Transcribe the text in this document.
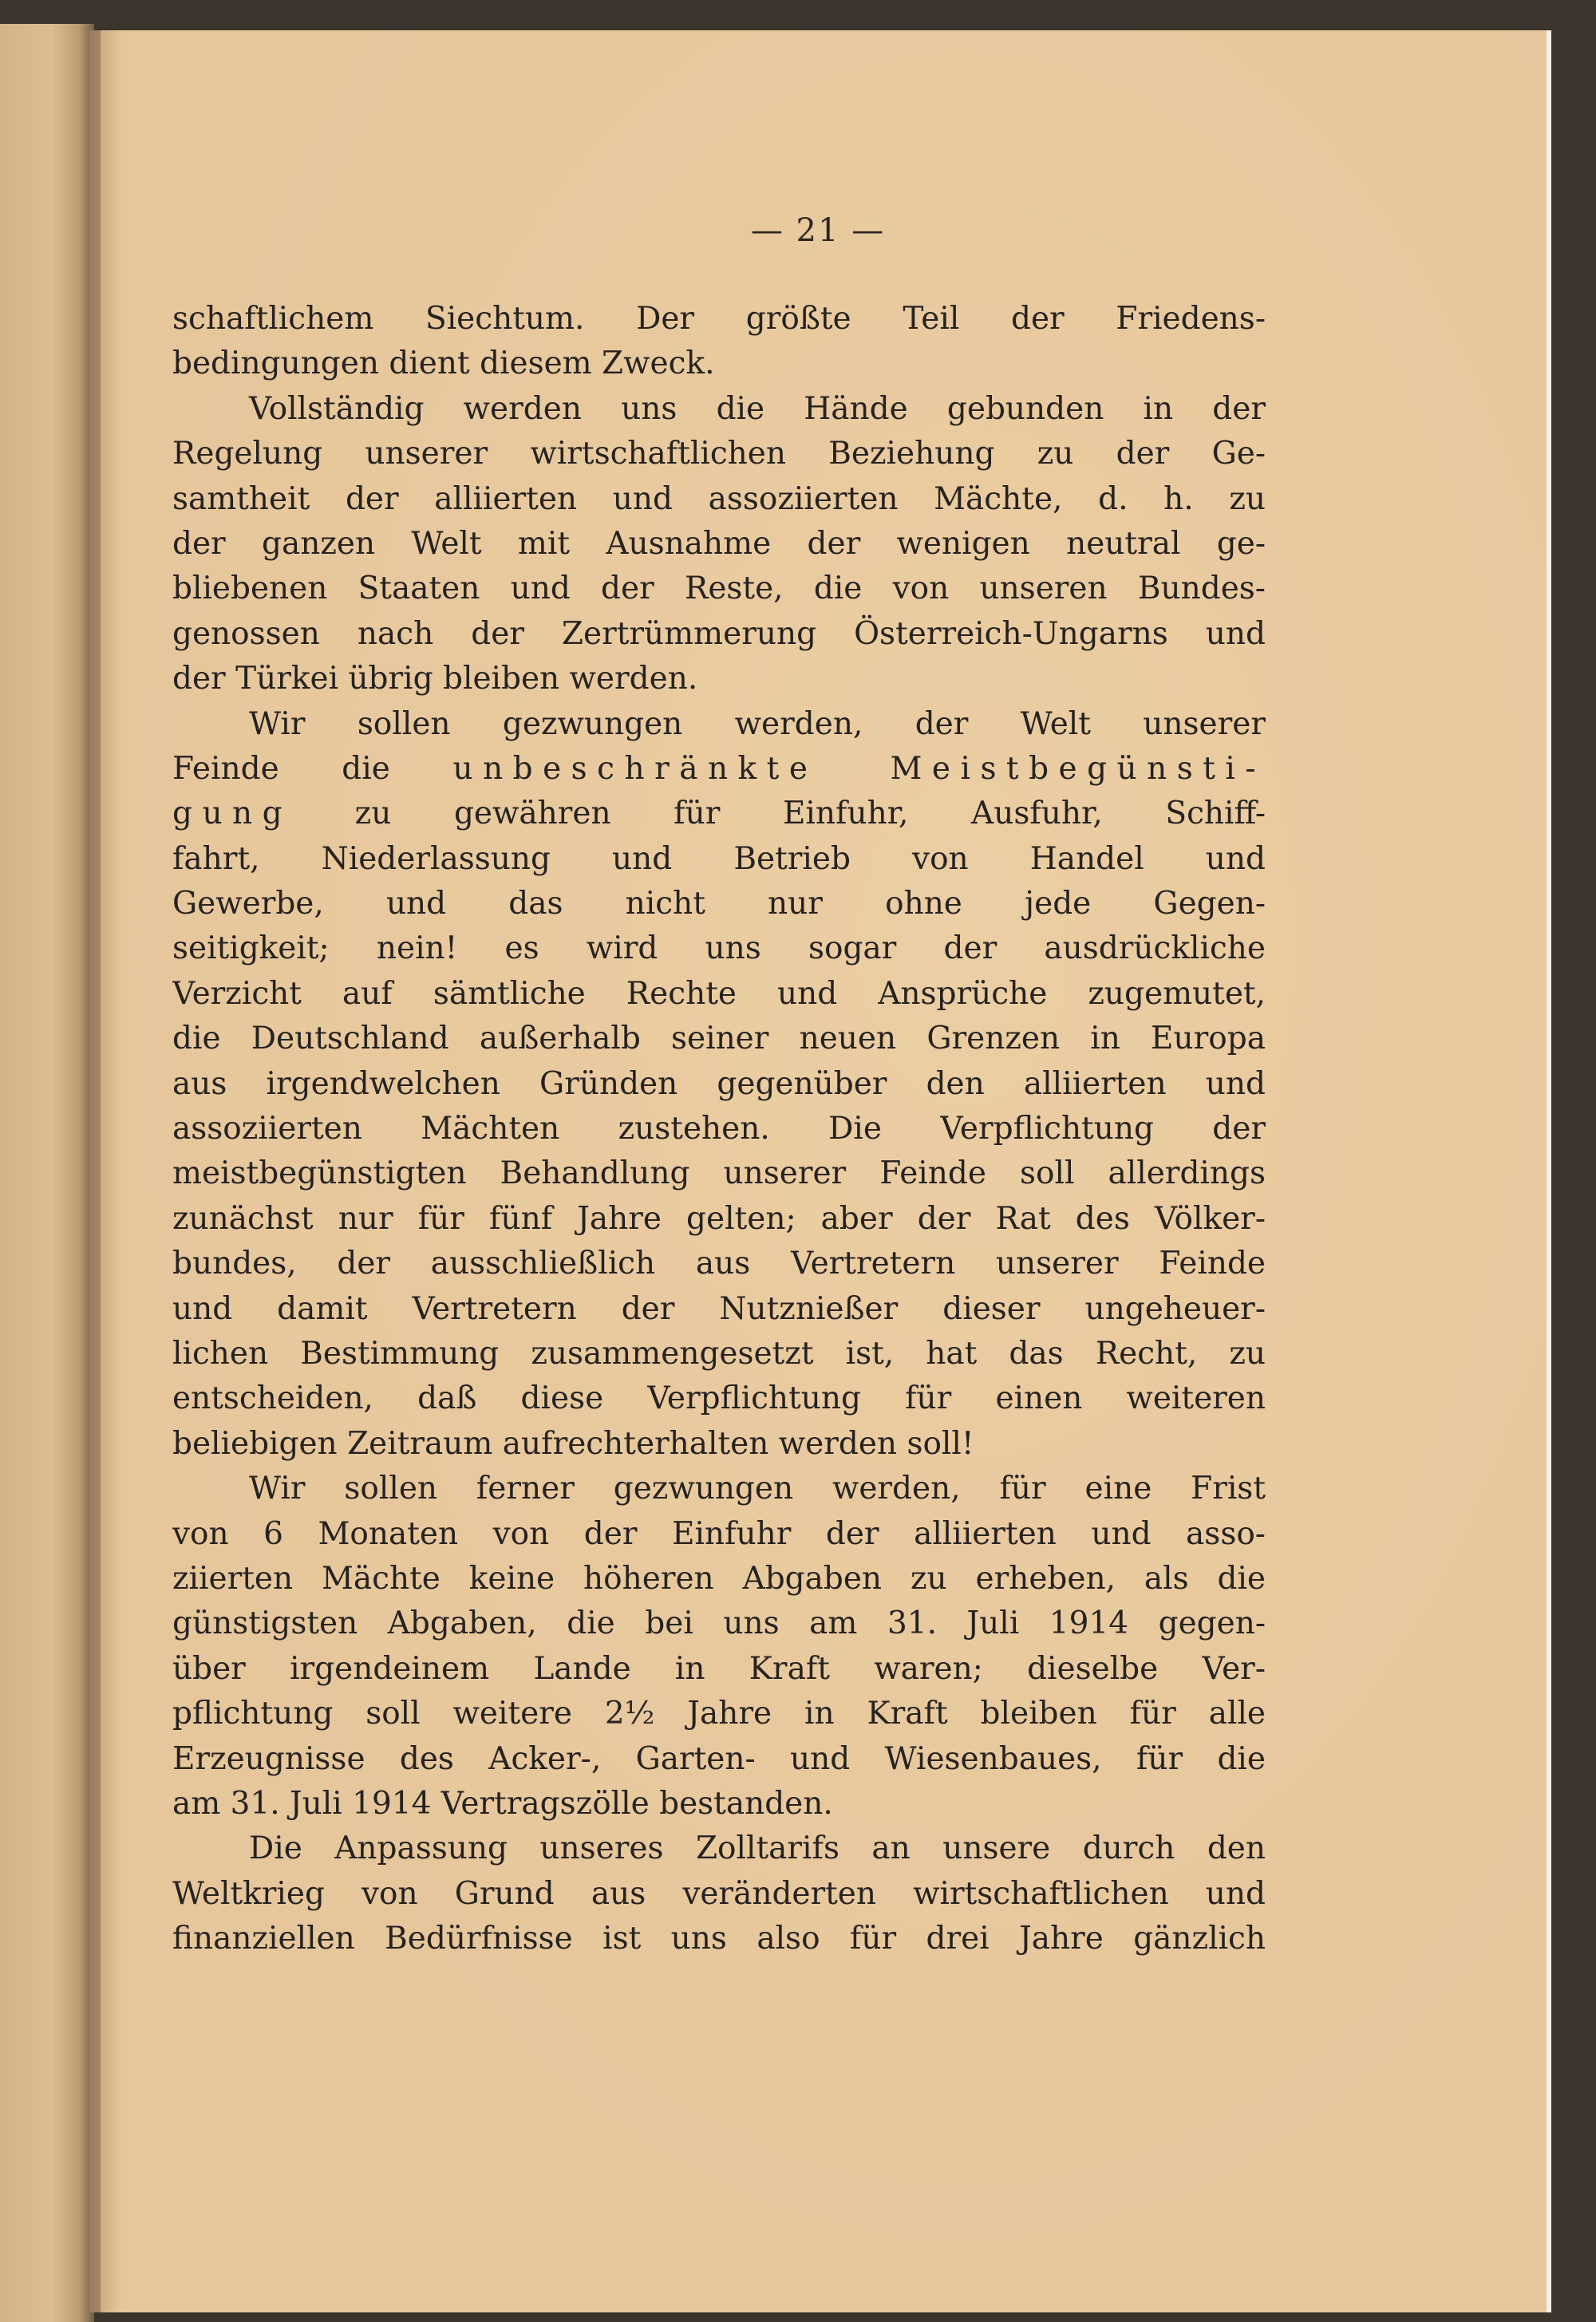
— 21 —
schaftlichem Siechtum. Der größte Teil der Friedens-
bedingungen dient diesem Zweck.
Vollständig werden uns die Hände gebunden in der
Regelung unserer wirtschaftlichen Beziehung zu der Ge-
samtheit der alliierten und assoziierten Mächte, d. h. zu
der ganzen Welt mit Ausnahme der wenigen neutral ge-
bliebenen Staaten und der Reste, die von unseren Bundes-
genossen nach der Zertrümmerung Österreich-Ungarns und
der Türkei übrig bleiben werden.
Wir sollen gezwungen werden, der Welt unserer
Feinde die unbeschränkte Meistbegünsti-
gung zu gewähren für Einfuhr, Ausfuhr, Schiff-
fahrt, Niederlassung und Betrieb von Handel und
Gewerbe, und das nicht nur ohne jede Gegen-
seitigkeit; nein! es wird uns sogar der ausdrückliche
Verzicht auf sämtliche Rechte und Ansprüche zugemutet,
die Deutschland außerhalb seiner neuen Grenzen in Europa
aus irgendwelchen Gründen gegenüber den alliierten und
assoziierten Mächten zustehen. Die Verpflichtung der
meistbegünstigten Behandlung unserer Feinde soll allerdings
zunächst nur für fünf Jahre gelten; aber der Rat des Völker-
bundes, der ausschließlich aus Vertretern unserer Feinde
und damit Vertretern der Nutznießer dieser ungeheuer-
lichen Bestimmung zusammengesetzt ist, hat das Recht, zu
entscheiden, daß diese Verpflichtung für einen weiteren
beliebigen Zeitraum aufrechterhalten werden soll!
Wir sollen ferner gezwungen werden, für eine Frist
von 6 Monaten von der Einfuhr der alliierten und asso-
ziierten Mächte keine höheren Abgaben zu erheben, als die
günstigsten Abgaben, die bei uns am 31. Juli 1914 gegen-
über irgendeinem Lande in Kraft waren; dieselbe Ver-
pflichtung soll weitere 2½ Jahre in Kraft bleiben für alle
Erzeugnisse des Acker-, Garten- und Wiesenbaues, für die
am 31. Juli 1914 Vertragszölle bestanden.
Die Anpassung unseres Zolltarifs an unsere durch den
Weltkrieg von Grund aus veränderten wirtschaftlichen und
finanziellen Bedürfnisse ist uns also für drei Jahre gänzlich
